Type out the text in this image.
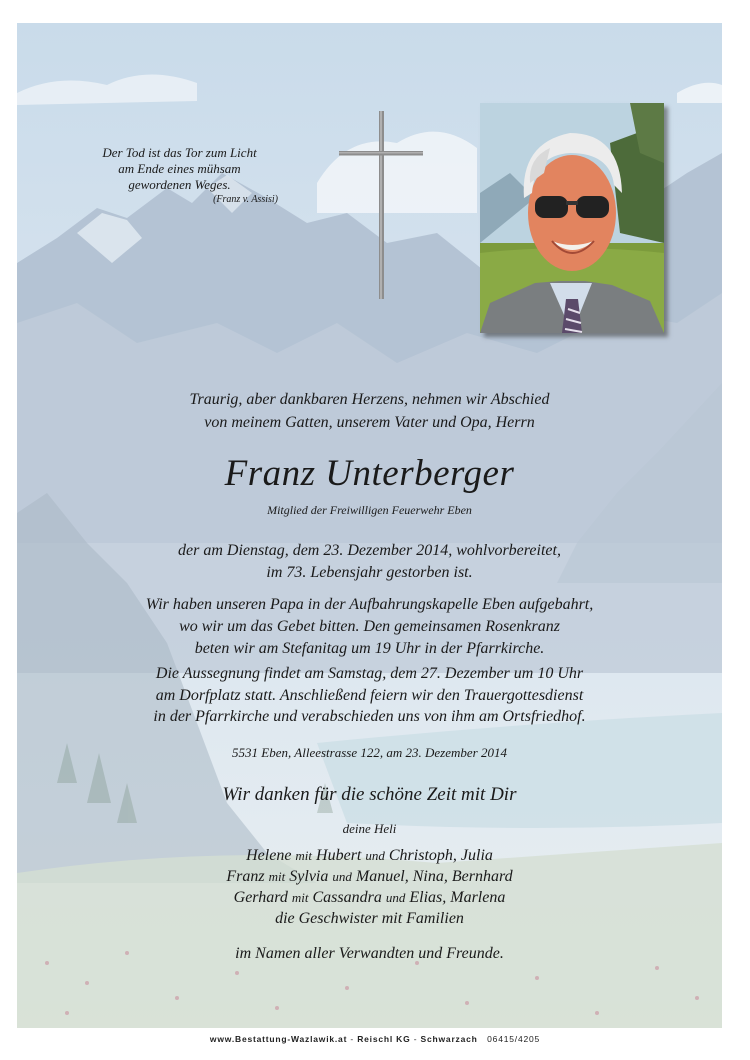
Der Tod ist das Tor zum Licht
am Ende eines mühsam
gewordenen Weges.
(Franz v. Assisi)
Traurig, aber dankbaren Herzens, nehmen wir Abschied
von meinem Gatten, unserem Vater und Opa, Herrn
Franz Unterberger
Mitglied der Freiwilligen Feuerwehr Eben
der am Dienstag, dem 23. Dezember 2014, wohlvorbereitet,
im 73. Lebensjahr gestorben ist.
Wir haben unseren Papa in der Aufbahrungskapelle Eben aufgebahrt,
wo wir um das Gebet bitten. Den gemeinsamen Rosenkranz
beten wir am Stefanitag um 19 Uhr in der Pfarrkirche.
Die Aussegnung findet am Samstag, dem 27. Dezember um 10 Uhr
am Dorfplatz statt. Anschließend feiern wir den Trauergottesdienst
in der Pfarrkirche und verabschieden uns von ihm am Ortsfriedhof.
5531 Eben, Alleestrasse 122, am 23. Dezember 2014
Wir danken für die schöne Zeit mit Dir
deine Heli
Helene mit Hubert und Christoph, Julia
Franz mit Sylvia und Manuel, Nina, Bernhard
Gerhard mit Cassandra und Elias, Marlena
die Geschwister mit Familien
im Namen aller Verwandten und Freunde.
www.Bestattung-Wazlawik.at - Reischl KG - Schwarzach 06415/4205
